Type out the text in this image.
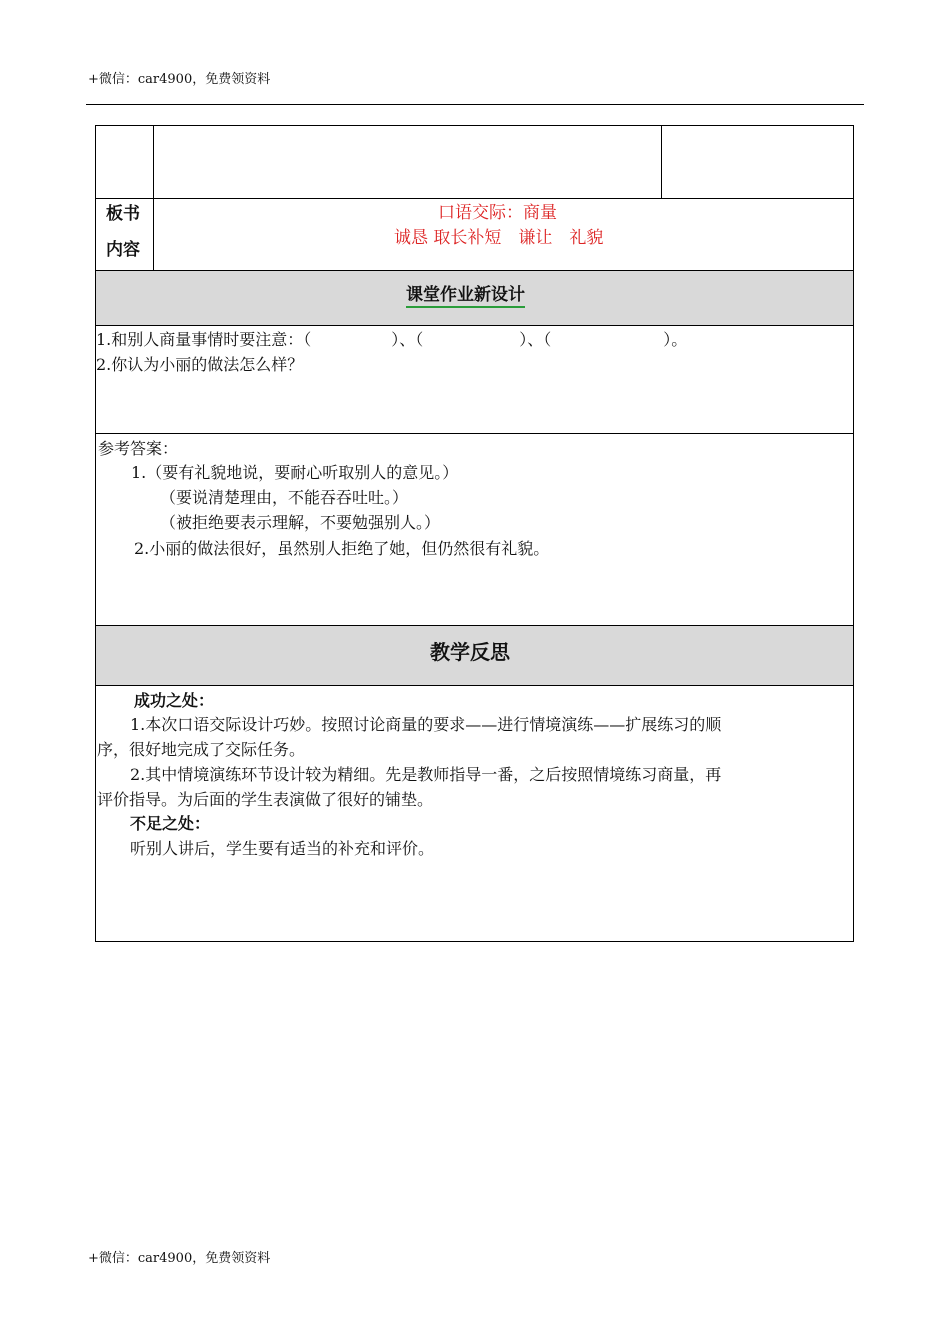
+微信：car4900，免费领资料
板书
内容
口语交际：商量
诚恳 取长补短　谦让　礼貌
课堂作业新设计
1.和别人商量事情时要注意：（　　　　　）、（　　　　　　）、（　　　　　　　）。
2.你认为小丽的做法怎么样？
参考答案：
1.（要有礼貌地说，要耐心听取别人的意见。）
（要说清楚理由，不能吞吞吐吐。）
（被拒绝要表示理解，不要勉强别人。）
2.小丽的做法很好，虽然别人拒绝了她，但仍然很有礼貌。
教学反思
成功之处：
1.本次口语交际设计巧妙。按照讨论商量的要求——进行情境演练——扩展练习的顺
序，很好地完成了交际任务。
2.其中情境演练环节设计较为精细。先是教师指导一番，之后按照情境练习商量，再
评价指导。为后面的学生表演做了很好的铺垫。
不足之处：
听别人讲后，学生要有适当的补充和评价。
+微信：car4900，免费领资料
